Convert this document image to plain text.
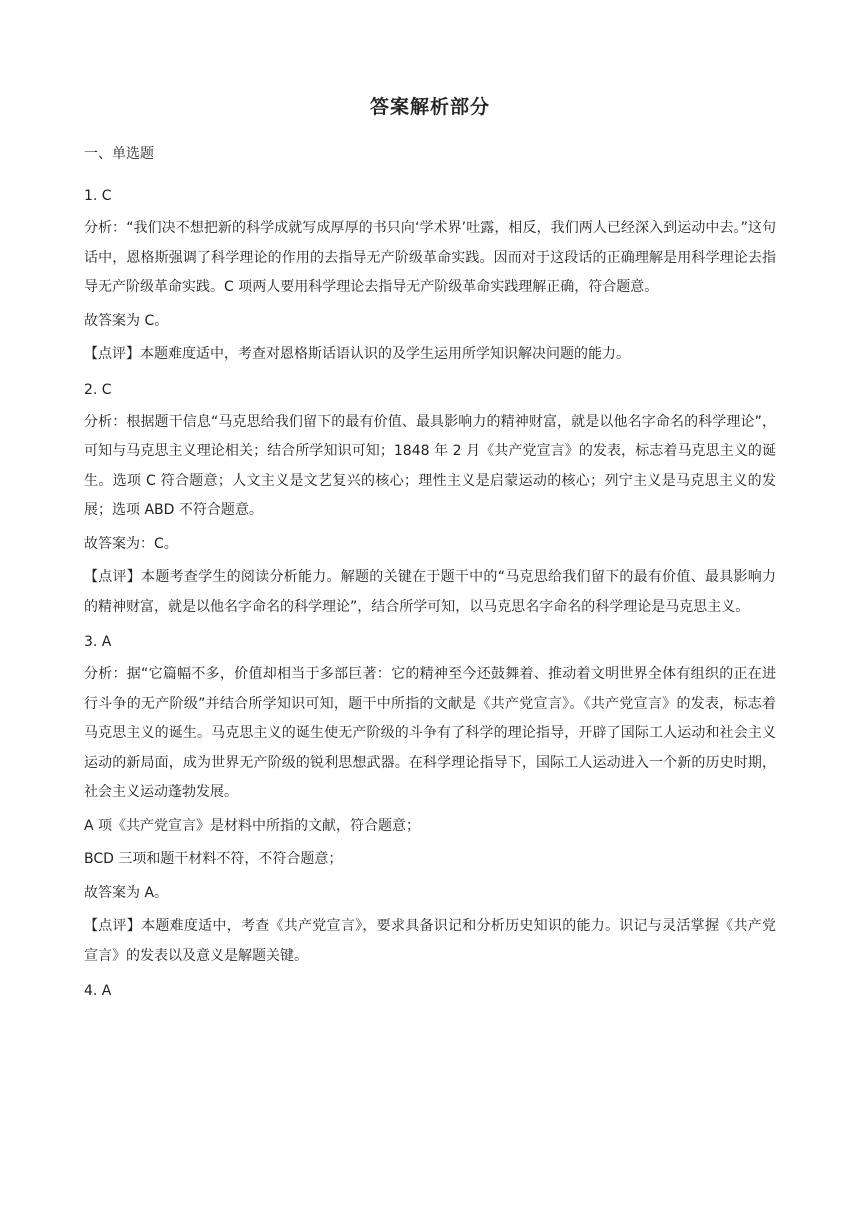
答案解析部分
一、单选题
1. C
分析：“我们决不想把新的科学成就写成厚厚的书只向‘学术界’吐露，相反，我们两人已经深入到运动中去。”这句话中，恩格斯强调了科学理论的作用的去指导无产阶级革命实践。因而对于这段话的正确理解是用科学理论去指导无产阶级革命实践。C 项两人要用科学理论去指导无产阶级革命实践理解正确，符合题意。
故答案为 C。
【点评】本题难度适中，考查对恩格斯话语认识的及学生运用所学知识解决问题的能力。
2. C
分析：根据题干信息“马克思给我们留下的最有价值、最具影响力的精神财富，就是以他名字命名的科学理论”，可知与马克思主义理论相关；结合所学知识可知；1848 年 2 月《共产党宣言》的发表，标志着马克思主义的诞生。选项 C 符合题意；人文主义是文艺复兴的核心；理性主义是启蒙运动的核心；列宁主义是马克思主义的发展；选项 ABD 不符合题意。
故答案为：C。
【点评】本题考查学生的阅读分析能力。解题的关键在于题干中的“马克思给我们留下的最有价值、最具影响力的精神财富，就是以他名字命名的科学理论”，结合所学可知，以马克思名字命名的科学理论是马克思主义。
3. A
分析：据“它篇幅不多，价值却相当于多部巨著：它的精神至今还鼓舞着、推动着文明世界全体有组织的正在进行斗争的无产阶级”并结合所学知识可知，题干中所指的文献是《共产党宣言》。《共产党宣言》的发表，标志着马克思主义的诞生。马克思主义的诞生使无产阶级的斗争有了科学的理论指导，开辟了国际工人运动和社会主义运动的新局面，成为世界无产阶级的锐利思想武器。在科学理论指导下，国际工人运动进入一个新的历史时期，社会主义运动蓬勃发展。
A 项《共产党宣言》是材料中所指的文献，符合题意；
BCD 三项和题干材料不符，不符合题意；
故答案为 A。
【点评】本题难度适中，考查《共产党宣言》，要求具备识记和分析历史知识的能力。识记与灵活掌握《共产党宣言》的发表以及意义是解题关键。
4. A
